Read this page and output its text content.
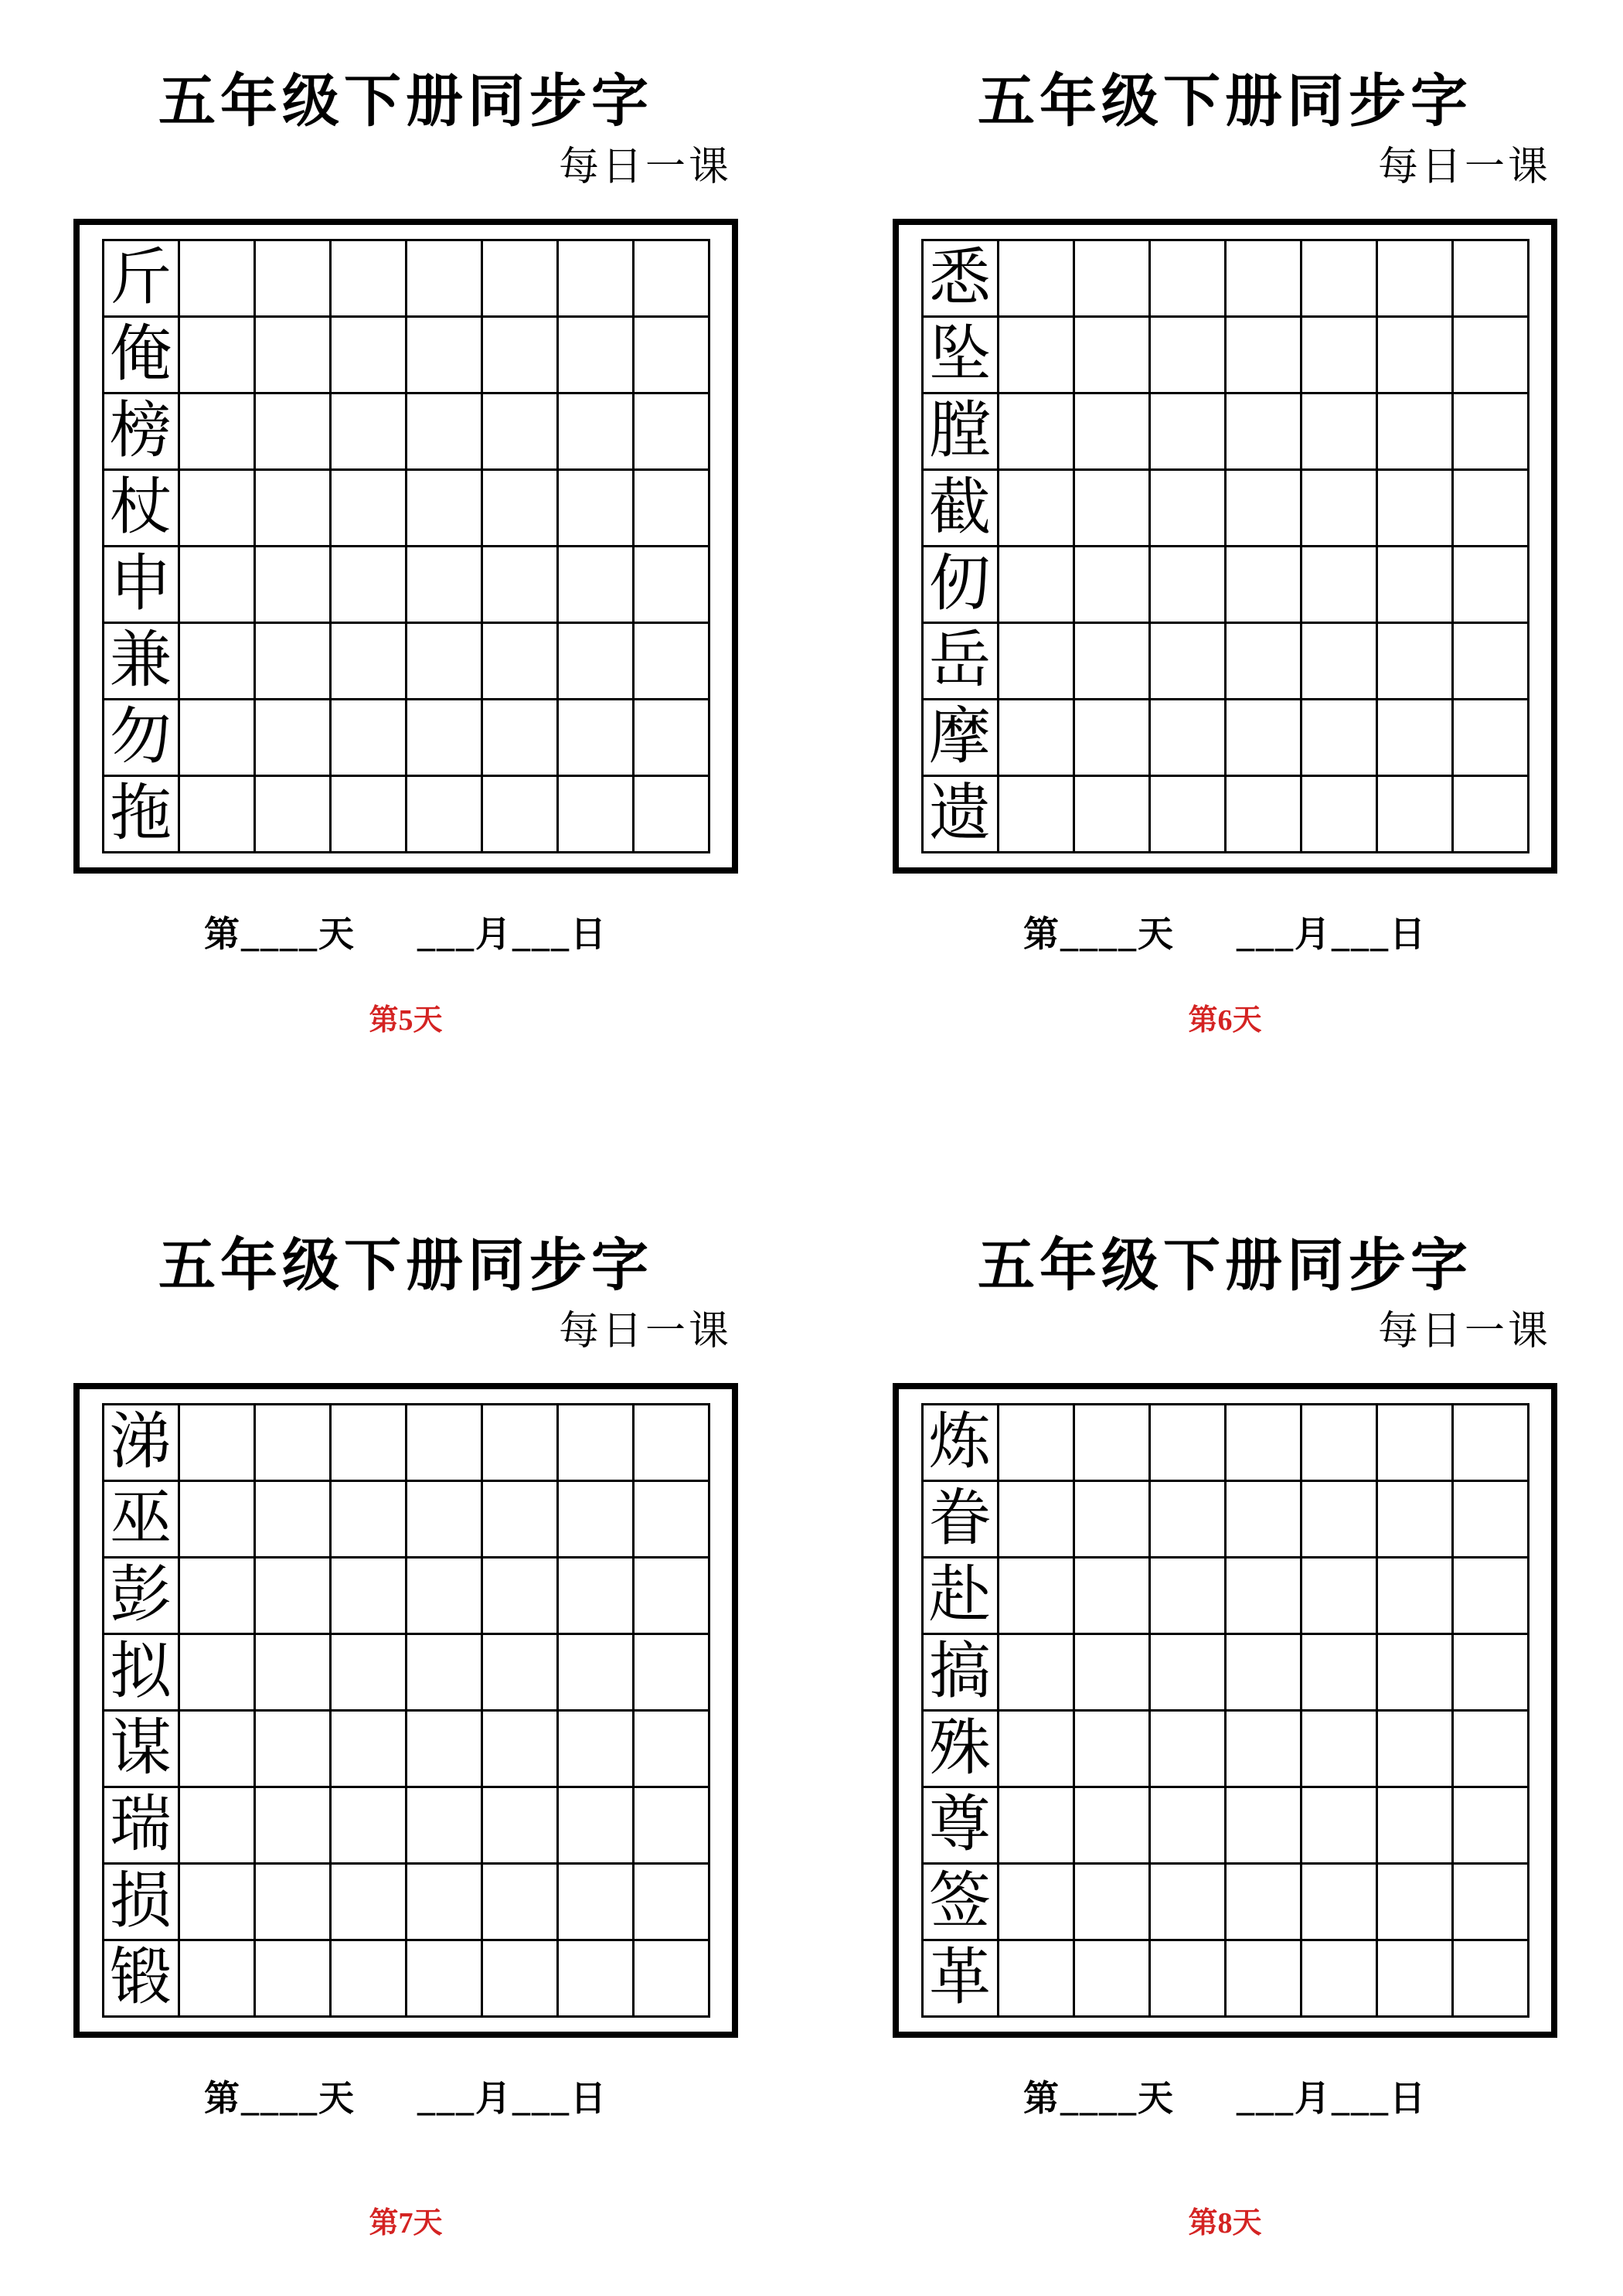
五年级下册同步字
每日一课
斤							
俺							
榜							
杖							
申							
兼							
勿							
拖							
第____天 ___月___日
第5天
五年级下册同步字
每日一课
悉							
坠							
膛							
截							
仞							
岳							
摩							
遗							
第____天 ___月___日
第6天
五年级下册同步字
每日一课
涕							
巫							
彭							
拟							
谋							
瑞							
损							
锻							
第____天 ___月___日
第7天
五年级下册同步字
每日一课
炼							
眷							
赴							
搞							
殊							
尊							
签							
革							
第____天 ___月___日
第8天
